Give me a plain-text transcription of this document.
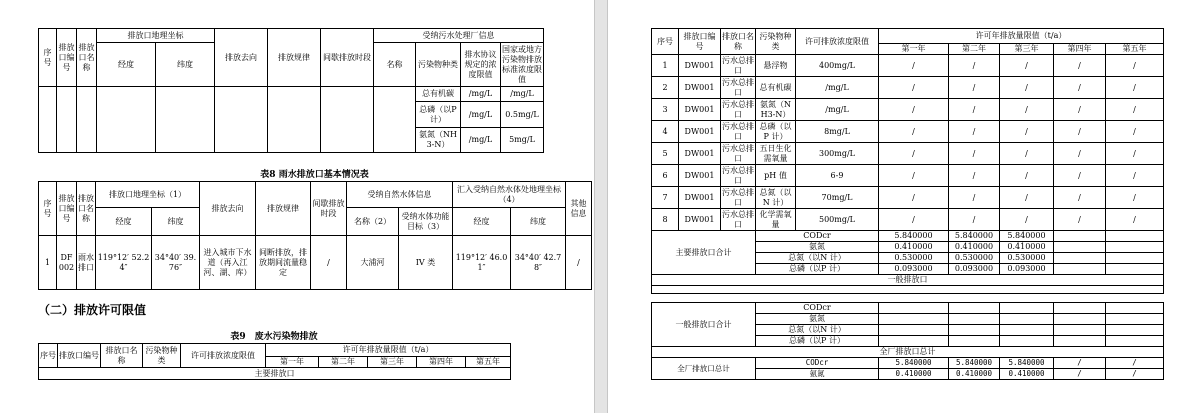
序号	排放口编号	排放口名称	排放口地理坐标		排放去向	排放规律	间歇排放时段	受纳污水处理厂信息			
			经度	纬度				名称	污染物种类	排水协议规定的浓度限值	国家或地方污染物排放标准浓度限值
									总有机碳	/mg/L	/mg/L
									总磷（以P 计）	/mg/L	0.5mg/L
									氨氮（NH3-N）	/mg/L	5mg/L
表8 雨水排放口基本情况表
序号	排放口编号	排放口名称	排放口地理坐标（1）		排放去向	排放规律	间歇排放时段	受纳自然水体信息		汇入受纳自然水体处地理坐标（4）		其他信息
			经度	纬度				名称（2）	受纳水体功能目标（3）	经度	纬度	
1	DF002	雨水排口	119°12′ 52.24″	34°40′ 39.76″	进入城市下水道（再入江河、湖、库）	间断排放，排放期间流量稳定	/	大浦河	IV 类	119°12′ 46.01″	34°40′ 42.78″	/
（二）排放许可限值
表9　废水污染物排放
序号	排放口编号	排放口名称	污染物种类	许可排放浓度限值	许可年排放量限值（t/a）				
					第一年	第二年	第三年	第四年	第五年
主要排放口									
序号	排放口编号	排放口名称	污染物种类	许可排放浓度限值	许可年排放量限值（t/a）				
					第一年	第二年	第三年	第四年	第五年
1	DW001	污水总排口	悬浮物	400mg/L	/	/	/	/	/
2	DW001	污水总排口	总有机碳	/mg/L	/	/	/	/	/
3	DW001	污水总排口	氨氮（NH3-N）	/mg/L	/	/	/	/	/
4	DW001	污水总排口	总磷（以P 计）	8mg/L	/	/	/	/	/
5	DW001	污水总排口	五日生化需氧量	300mg/L	/	/	/	/	/
6	DW001	污水总排口	pH 值	6-9	/	/	/	/	/
7	DW001	污水总排口	总氮（以N 计）	70mg/L	/	/	/	/	/
8	DW001	污水总排口	化学需氧量	500mg/L	/	/	/	/	/
主要排放口合计			CODcr		5.840000	5.840000	5.840000		
			氨氮		0.410000	0.410000	0.410000		
			总氮（以N 计）		0.530000	0.530000	0.530000		
			总磷（以P 计）		0.093000	0.093000	0.093000		
一般排放口									

一般排放口合计			CODcr						
			氨氮						
			总氮（以N 计）						
			总磷（以P 计）						
全厂排放口总计									
全厂排放口总计			CODcr		5.840000	5.840000	5.840000	/	/
			氨氮		0.410000	0.410000	0.410000	/	/
